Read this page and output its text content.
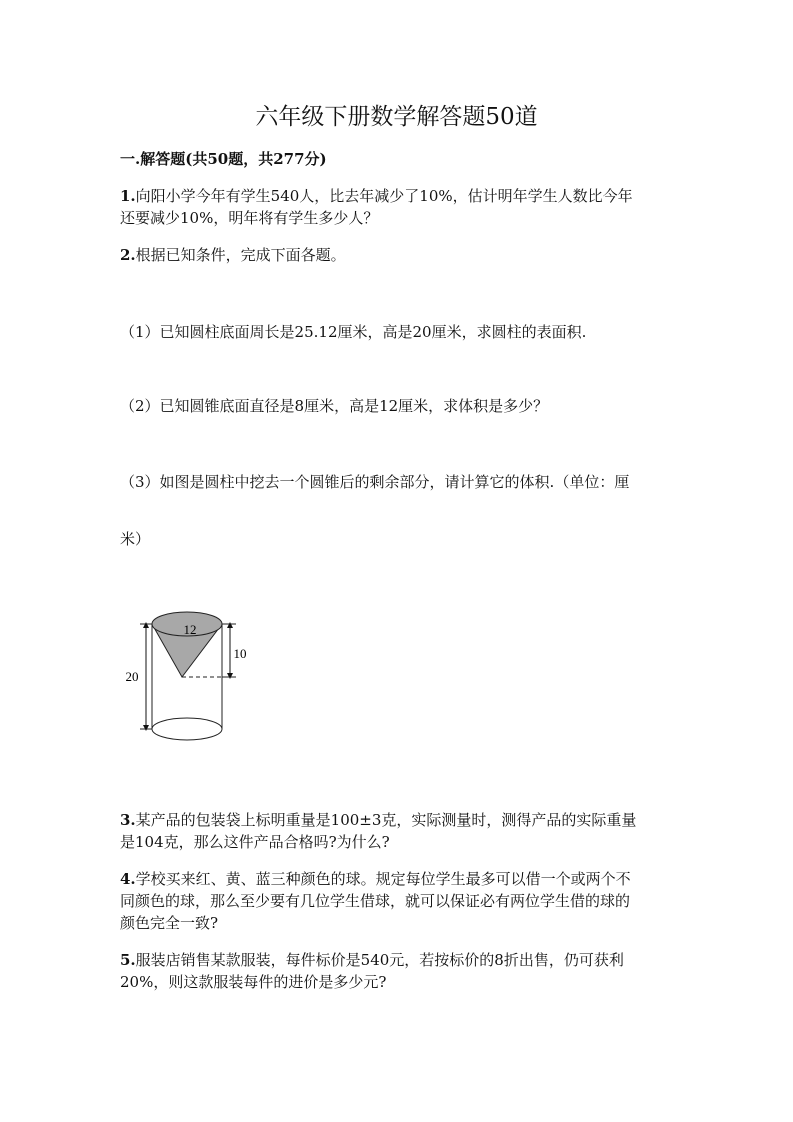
六年级下册数学解答题50道
一.解答题(共50题，共277分)
1.向阳小学今年有学生540人，比去年减少了10%，估计明年学生人数比今年
还要减少10%，明年将有学生多少人？
2.根据已知条件，完成下面各题。
（1）已知圆柱底面周长是25.12厘米，高是20厘米，求圆柱的表面积.
（2）已知圆锥底面直径是8厘米，高是12厘米，求体积是多少？
（3）如图是圆柱中挖去一个圆锥后的剩余部分，请计算它的体积.（单位：厘
米）
12
10
20
3.某产品的包装袋上标明重量是100±3克，实际测量时，测得产品的实际重量
是104克，那么这件产品合格吗?为什么?
4.学校买来红、黄、蓝三种颜色的球。规定每位学生最多可以借一个或两个不
同颜色的球，那么至少要有几位学生借球，就可以保证必有两位学生借的球的
颜色完全一致?
5.服装店销售某款服装，每件标价是540元，若按标价的8折出售，仍可获利
20%，则这款服装每件的进价是多少元?
